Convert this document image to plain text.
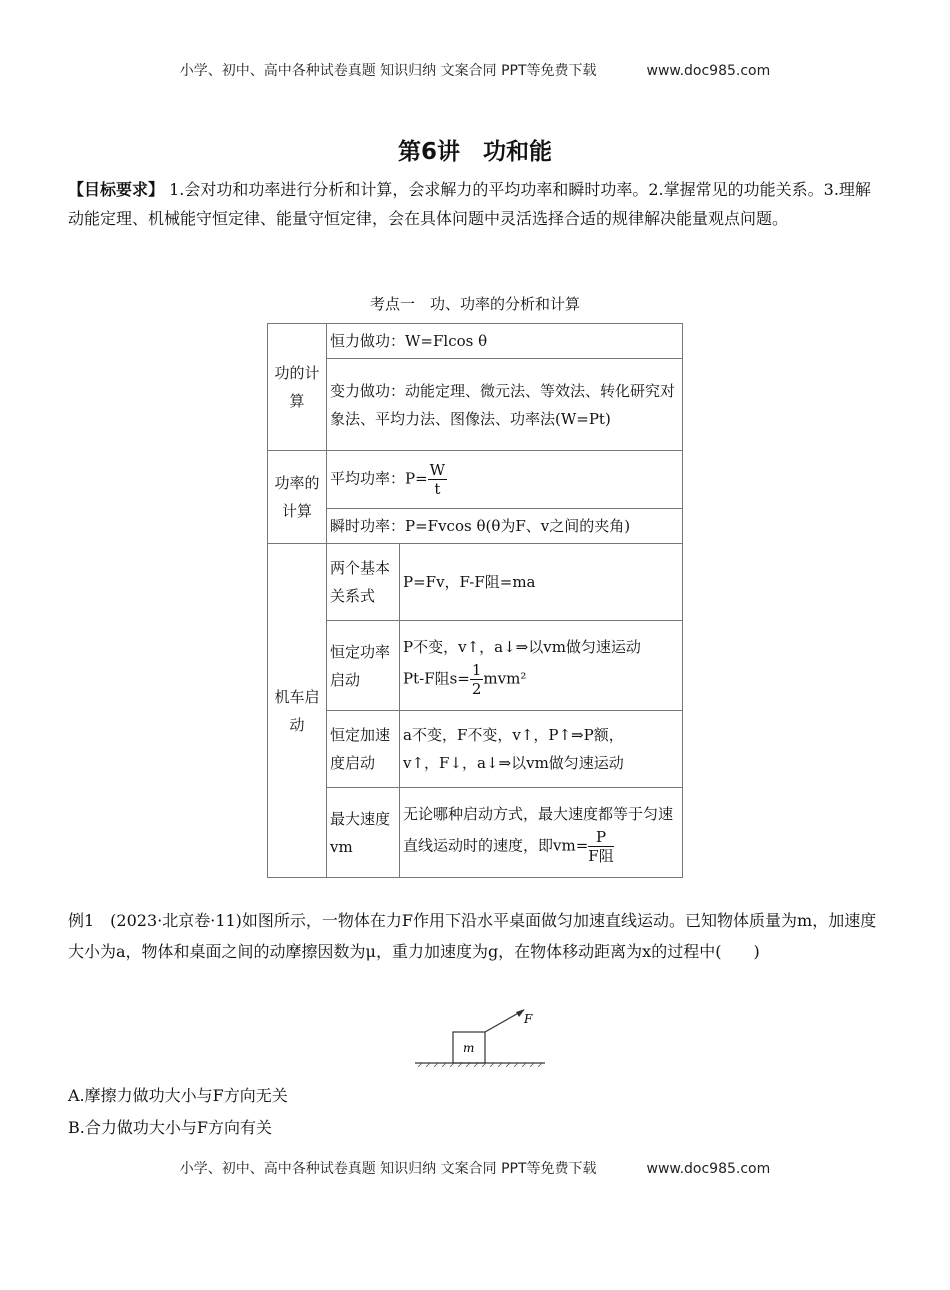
小学、初中、高中各种试卷真题 知识归纳 文案合同 PPT等免费下载	www.doc985.com
第6讲　功和能
【目标要求】 1.会对功和功率进行分析和计算，会求解力的平均功率和瞬时功率。2.掌握常见的功能关系。3.理解动能定理、机械能守恒定律、能量守恒定律，会在具体问题中灵活选择合适的规律解决能量观点问题。
考点一　功、功率的分析和计算
功的计算	恒力做功：W=Flcos θ	
	变力做功：动能定理、微元法、等效法、转化研究对象法、平均力法、图像法、功率法(W=Pt)	
功率的计算	平均功率：$P= \frac{W}{t}$

	瞬时功率：P=Fvcos θ(θ为F、v之间的夹角)	
机车启动	两个基本关系式	P=Fv，F-F阻=ma
	恒定功率启动	P不变，v↑，a↓⇒以vm做匀速运动
Pt-F阻$s= \frac{1}{2} mvm^2$

	恒定加速度启动	a不变，F不变，v↑，P↑⇒P额，
v↑，F↓，a↓⇒以vm做匀速运动

	最大速度vm	无论哪种启动方式，最大速度都等于匀速直线运动时的速度，即vm= P
F阻
例1　(2023·北京卷·11)如图所示，一物体在力F作用下沿水平桌面做匀加速直线运动。已知物体质量为m，加速度大小为a，物体和桌面之间的动摩擦因数为μ，重力加速度为g，在物体移动距离为x的过程中(　　)
m
F
A.摩擦力做功大小与F方向无关
B.合力做功大小与F方向有关
小学、初中、高中各种试卷真题 知识归纳 文案合同 PPT等免费下载	www.doc985.com
